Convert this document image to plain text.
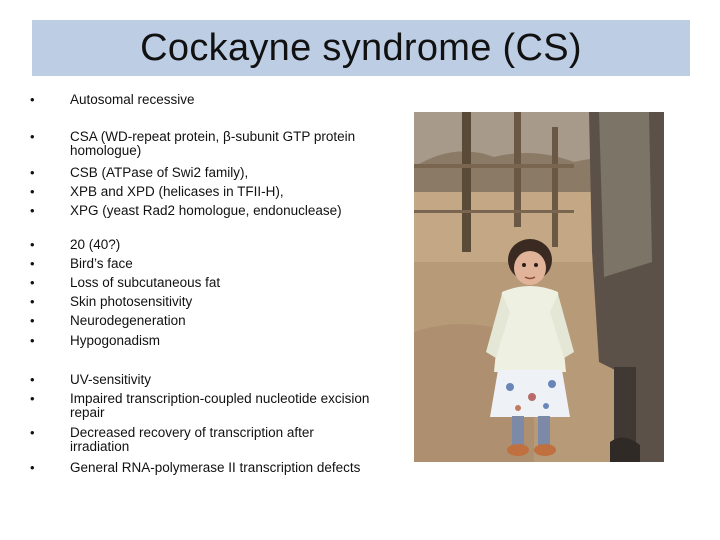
Cockayne syndrome (CS)
•	Autosomal recessive
•	CSA (WD-repeat protein, β-subunit GTP protein homologue)
•	CSB (ATPase of Swi2 family),
•	XPB and XPD (helicases in TFII-H),
•	XPG (yeast Rad2 homologue, endonuclease)
•	20 (40?)
•	Bird’s face
•	Loss of subcutaneous fat
•	Skin photosensitivity
•	Neurodegeneration
•	Hypogonadism
•	UV-sensitivity
•	Impaired transcription-coupled nucleotide excision repair
•	Decreased recovery of transcription after irradiation
•	General RNA-polymerase II transcription defects
